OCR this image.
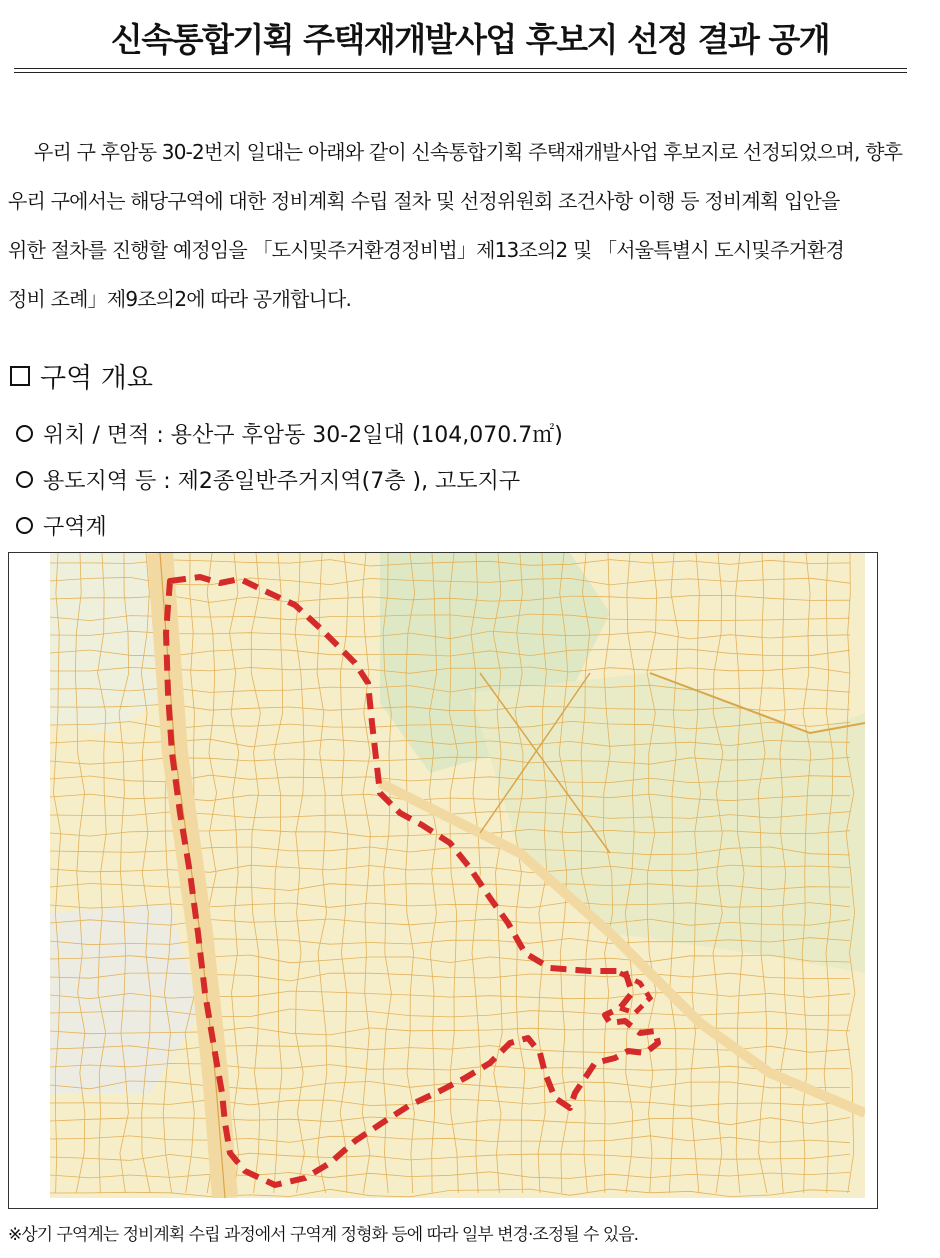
신속통합기획 주택재개발사업 후보지 선정 결과 공개
우리 구 후암동 30-2번지 일대는 아래와 같이 신속통합기획 주택재개발사업 후보지로 선정되었으며, 향후
우리 구에서는 해당구역에 대한 정비계획 수립 절차 및 선정위원회 조건사항 이행 등 정비계획 입안을
위한 절차를 진행할 예정임을 「도시및주거환경정비법」제13조의2 및 「서울특별시 도시및주거환경
정비 조례」제9조의2에 따라 공개합니다.
구역 개요
위치 / 면적 : 용산구 후암동 30-2일대 (104,070.7㎡)
용도지역 등 : 제2종일반주거지역(7층 ), 고도지구
구역계
※상기 구역계는 정비계획 수립 과정에서 구역계 정형화 등에 따라 일부 변경·조정될 수 있음.
